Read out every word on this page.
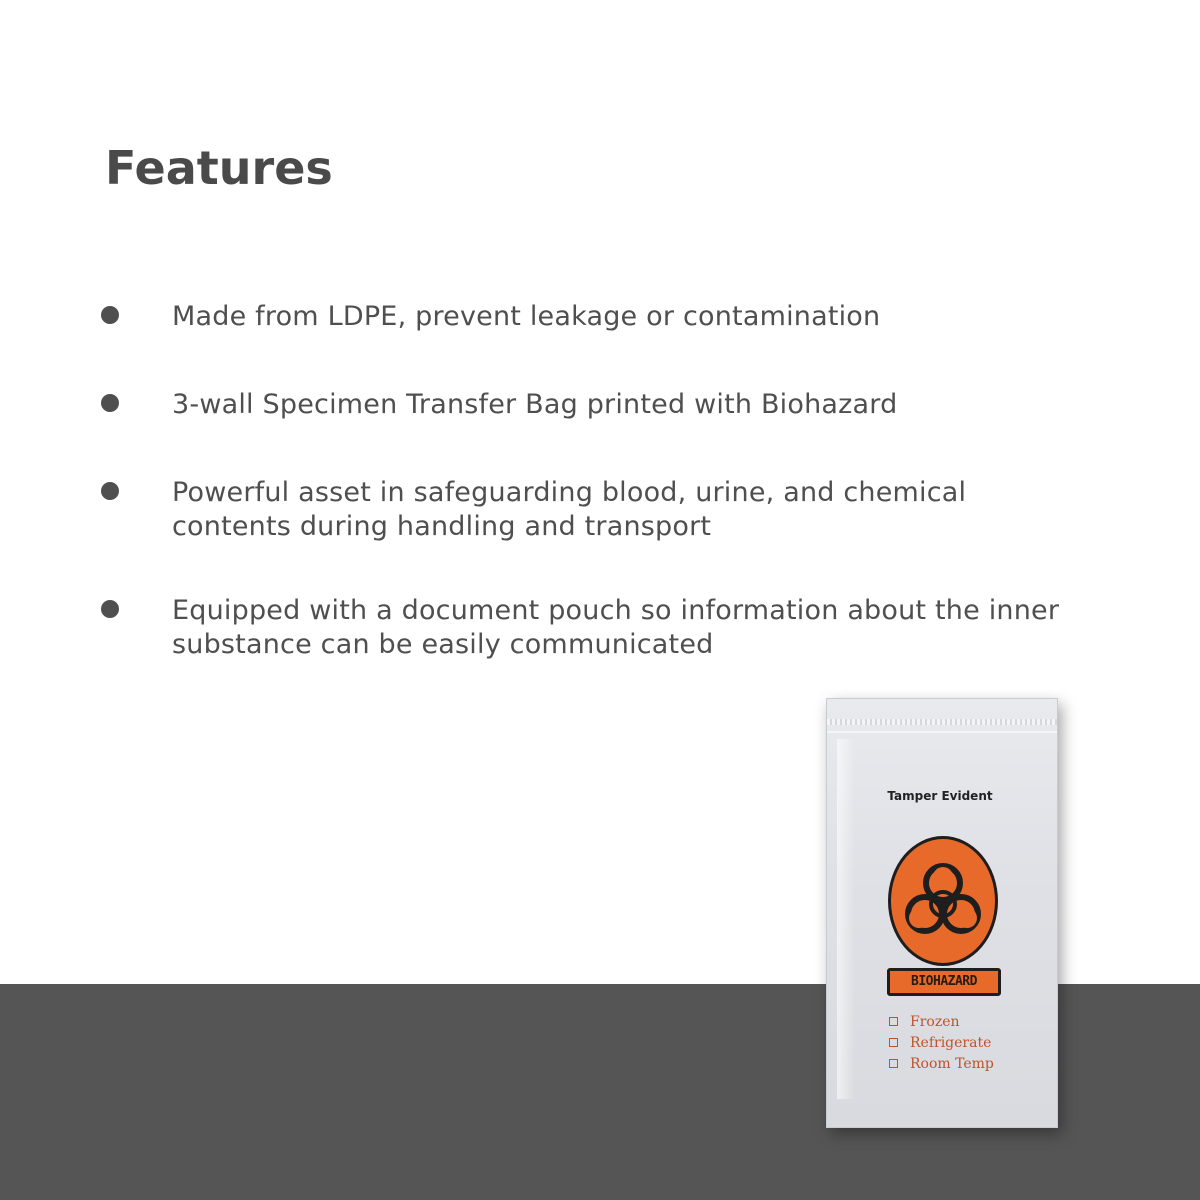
Features
Made from LDPE, prevent leakage or contamination
3-wall Specimen Transfer Bag printed with Biohazard
Powerful asset in safeguarding blood, urine, and chemical contents during handling and transport
Equipped with a document pouch so information about the inner substance can be easily communicated
Tamper Evident
BIOHAZARD
Frozen
Refrigerate
Room Temp
